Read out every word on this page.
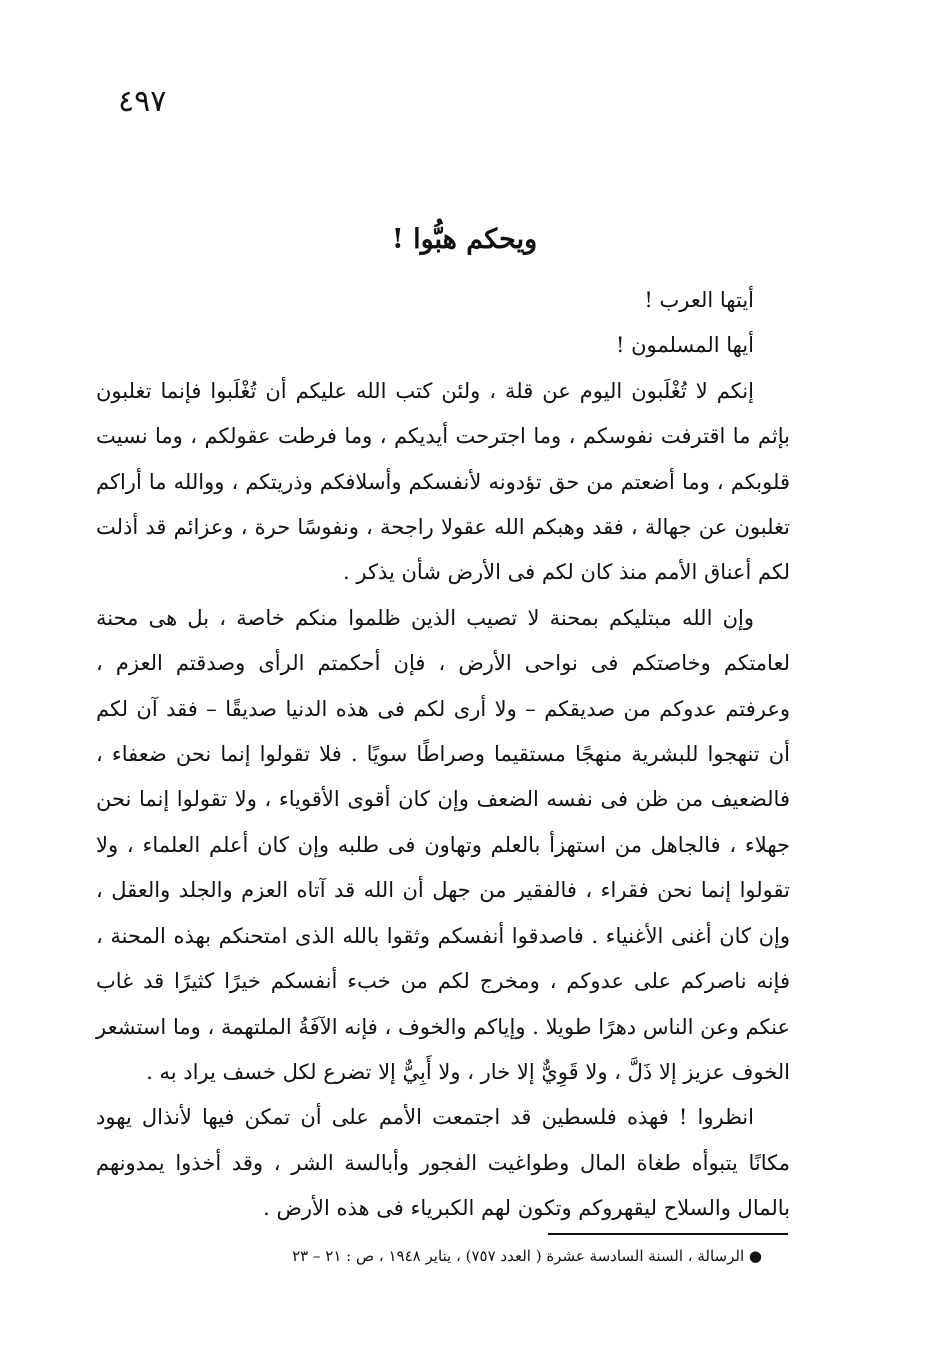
٤٩٧
ويحكم هبُّوا !

أيتها العرب !

أيها المسلمون !

إنكم لا تُغْلَبون اليوم عن قلة ، ولئن كتب الله عليكم أن تُغْلَبوا فإنما تغلبون بإثم ما اقترفت نفوسكم ، وما اجترحت أيديكم ، وما فرطت عقولكم ، وما نسيت قلوبكم ، وما أضعتم من حق تؤدونه لأنفسكم وأسلافكم وذريتكم ، ووالله ما أراكم تغلبون عن جهالة ، فقد وهبكم الله عقولا راجحة ، ونفوسًا حرة ، وعزائم قد أذلت لكم أعناق الأمم منذ كان لكم فى الأرض شأن يذكر .

وإن الله مبتليكم بمحنة لا تصيب الذين ظلموا منكم خاصة ، بل هى محنة لعامتكم وخاصتكم فى نواحى الأرض ، فإن أحكمتم الرأى وصدقتم العزم ، وعرفتم عدوكم من صديقكم – ولا أرى لكم فى هذه الدنيا صديقًا – فقد آن لكم أن تنهجوا للبشرية منهجًا مستقيما وصراطًا سويًا . فلا تقولوا إنما نحن ضعفاء ، فالضعيف من ظن فى نفسه الضعف وإن كان أقوى الأقوياء ، ولا تقولوا إنما نحن جهلاء ، فالجاهل من استهزأ بالعلم وتهاون فى طلبه وإن كان أعلم العلماء ، ولا تقولوا إنما نحن فقراء ، فالفقير من جهل أن الله قد آتاه العزم والجلد والعقل ، وإن كان أغنى الأغنياء . فاصدقوا أنفسكم وثقوا بالله الذى امتحنكم بهذه المحنة ، فإنه ناصركم على عدوكم ، ومخرج لكم من خبء أنفسكم خيرًا كثيرًا قد غاب عنكم وعن الناس دهرًا طويلا . وإياكم والخوف ، فإنه الآفَةُ الملتهمة ، وما استشعر الخوف عزيز إلا ذَلَّ ، ولا قَوِيٌّ إلا خار ، ولا أَبِيٌّ إلا تضرع لكل خسف يراد به .

انظروا ! فهذه فلسطين قد اجتمعت الأمم على أن تمكن فيها لأنذال يهود مكانًا يتبوأه طغاة المال وطواغيت الفجور وأبالسة الشر ، وقد أخذوا يمدونهم بالمال والسلاح ليقهروكم وتكون لهم الكبرياء فى هذه الأرض .

● الرسالة ، السنة السادسة عشرة ( العدد ٧٥٧) ، يناير ١٩٤٨ ، ص : ٢١ – ٢٣
